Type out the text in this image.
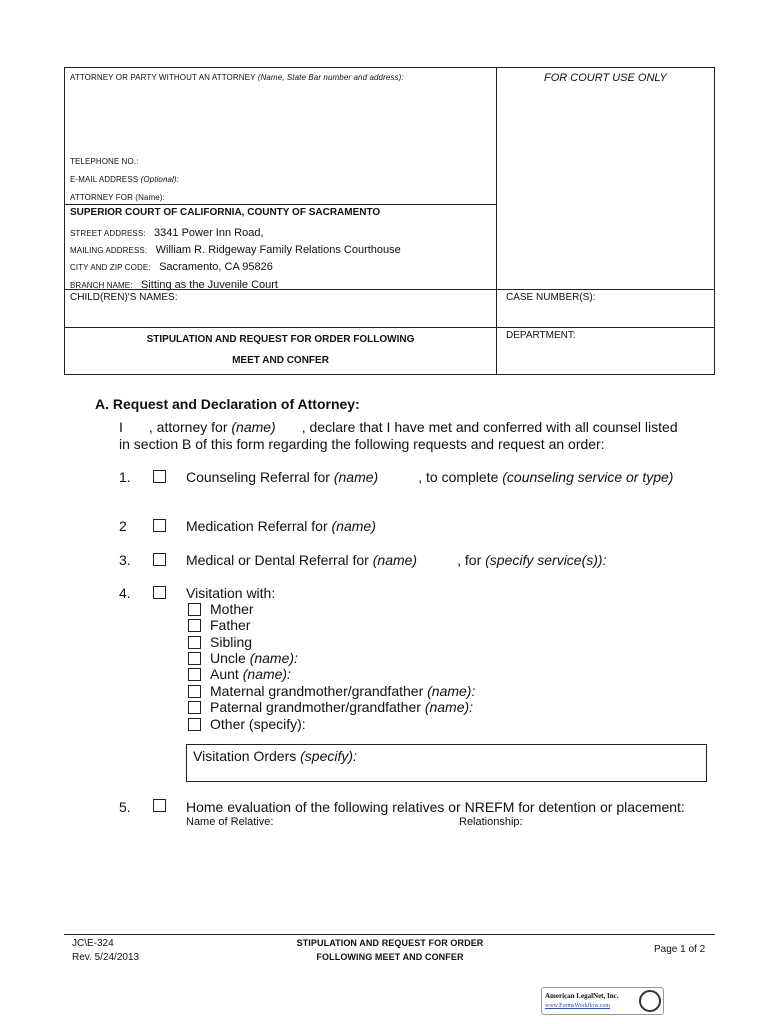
ATTORNEY OR PARTY WITHOUT AN ATTORNEY (Name, State Bar number and address):	FOR COURT USE ONLY
TELEPHONE NO.:
E-MAIL ADDRESS (Optional):
ATTORNEY FOR (Name):
SUPERIOR COURT OF CALIFORNIA, COUNTY OF SACRAMENTO
STREET ADDRESS: 3341 Power Inn Road,
MAILING ADDRESS: William R. Ridgeway Family Relations Courthouse
CITY AND ZIP CODE: Sacramento, CA 95826
BRANCH NAME: Sitting as the Juvenile Court
CHILD(REN)'S NAMES:	CASE NUMBER(S):
STIPULATION AND REQUEST FOR ORDER FOLLOWING
MEET AND CONFER
DEPARTMENT:
A. Request and Declaration of Attorney:
I , attorney for (name) , declare that I have met and conferred with all counsel listed
in section B of this form regarding the following requests and request an order:
1.	Counseling Referral for (name)	, to complete (counseling service or type)
2	Medication Referral for (name)
3.	Medical or Dental Referral for (name)	, for (specify service(s)):
4.	Visitation with:
Mother
Father
Sibling
Uncle (name):
Aunt (name):
Maternal grandmother/grandfather (name):
Paternal grandmother/grandfather (name):
Other (specify):
Visitation Orders (specify):
5.	Home evaluation of the following relatives or NREFM for detention or placement:
Name of Relative:	Relationship:
JC\E-324
Rev. 5/24/2013
STIPULATION AND REQUEST FOR ORDER
FOLLOWING MEET AND CONFER
Page 1 of 2
American LegalNet, Inc.
www.FormsWorkflow.com
